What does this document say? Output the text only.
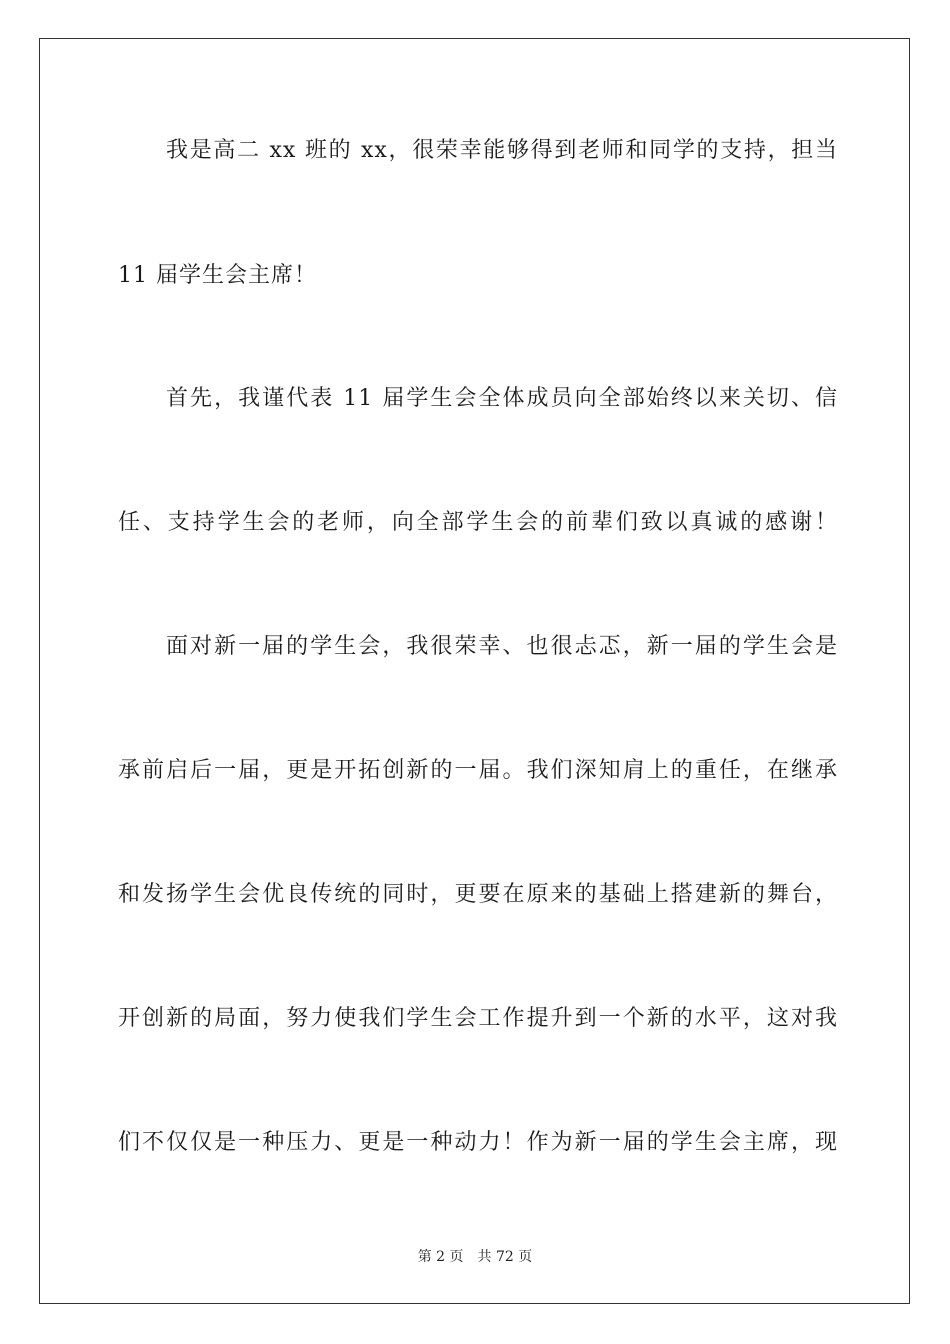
我是高二 xx 班的 xx，很荣幸能够得到老师和同学的支持，担当
11 届学生会主席！
首先，我谨代表 11 届学生会全体成员向全部始终以来关切、信
任、支持学生会的老师，向全部学生会的前辈们致以真诚的感谢！
面对新一届的学生会，我很荣幸、也很忐忑，新一届的学生会是
承前启后一届，更是开拓创新的一届。我们深知肩上的重任，在继承
和发扬学生会优良传统的同时，更要在原来的基础上搭建新的舞台，
开创新的局面，努力使我们学生会工作提升到一个新的水平，这对我
们不仅仅是一种压力、更是一种动力！作为新一届的学生会主席，现
第 2 页 共 72 页
